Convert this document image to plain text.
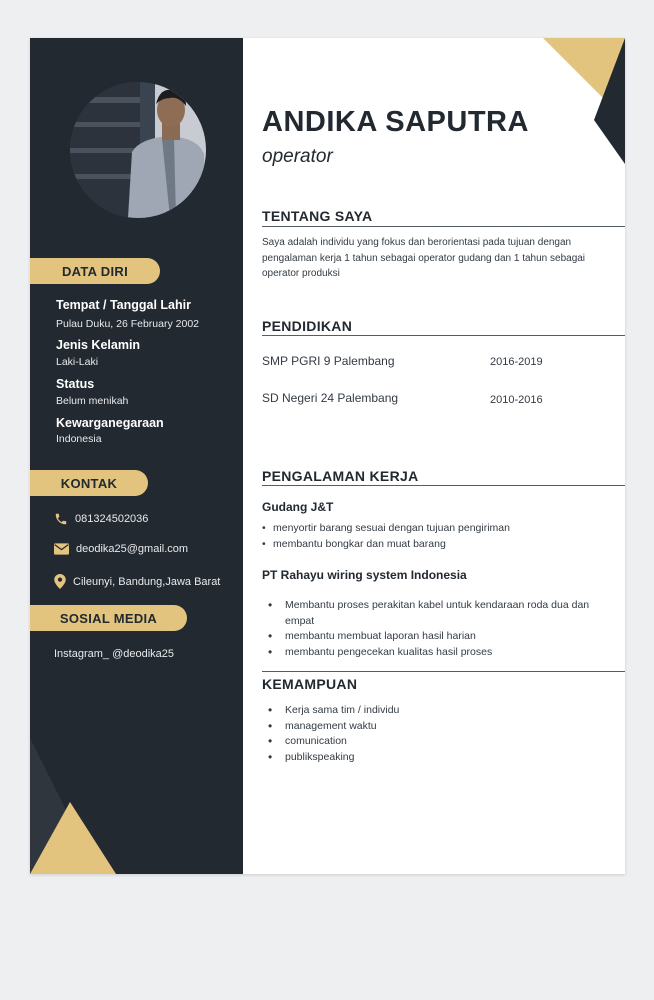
DATA DIRI
Tempat / Tanggal Lahir
Pulau Duku, 26 February 2002
Jenis Kelamin
Laki-Laki
Status
Belum menikah
Kewarganegaraan
Indonesia
KONTAK
081324502036
deodika25@gmail.com
Cileunyi, Bandung,Jawa Barat
SOSIAL MEDIA
Instagram_ @deodika25
ANDIKA SAPUTRA
operator
TENTANG SAYA
Saya adalah individu yang fokus dan berorientasi pada tujuan dengan pengalaman kerja 1 tahun sebagai operator gudang dan 1 tahun sebagai operator produksi
PENDIDIKAN
SMP PGRI 9 Palembang	2016-2019
SD Negeri 24 Palembang	2010-2016
PENGALAMAN KERJA
Gudang J&T
• menyortir barang sesuai dengan tujuan pengiriman
• membantu bongkar dan muat barang
PT Rahayu wiring system Indonesia
• Membantu proses perakitan kabel untuk kendaraan roda dua dan empat
• membantu membuat laporan hasil harian
• membantu pengecekan kualitas hasil proses
KEMAMPUAN
• Kerja sama tim / individu
• management waktu
• comunication
• publikspeaking
